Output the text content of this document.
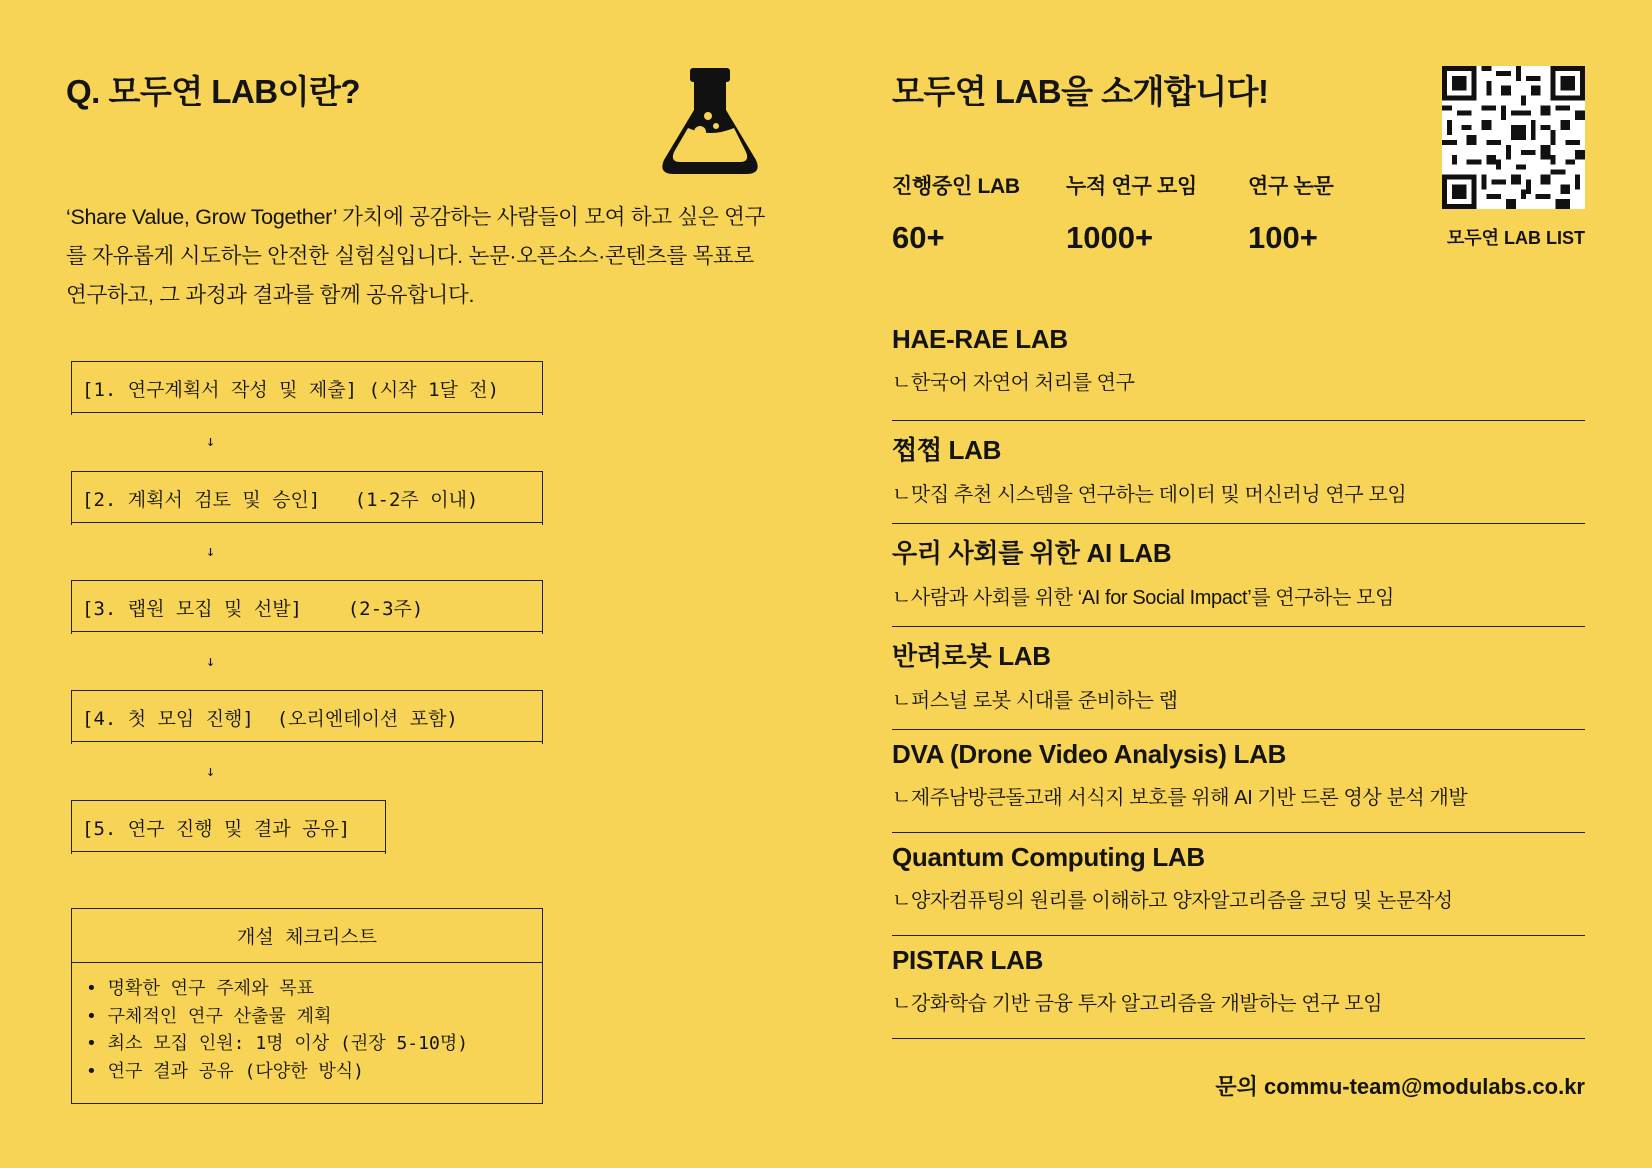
Q. 모두연 LAB이란?

‘Share Value, Grow Together’ 가치에 공감하는 사람들이 모여 하고 싶은 연구를 자유롭게 시도하는 안전한 실험실입니다. 논문·오픈소스·콘텐츠를 목표로 연구하고, 그 과정과 결과를 함께 공유합니다.

[1. 연구계획서 작성 및 제출] (시작 1달 전)
↓
[2. 계획서 검토 및 승인]   (1-2주 이내)
↓
[3. 랩원 모집 및 선발]    (2-3주)
↓
[4. 첫 모임 진행]  (오리엔테이션 포함)
↓
[5. 연구 진행 및 결과 공유]
개설 체크리스트
• 명확한 연구 주제와 목표
• 구체적인 연구 산출물 계획
• 최소 모집 인원: 1명 이상 (권장 5-10명)
• 연구 결과 공유 (다양한 방식)
모두연 LAB을 소개합니다!
모두연 LAB LIST
진행중인 LAB
60+
누적 연구 모임
1000+
연구 논문
100+
HAE-RAE LAB
ㄴ한국어 자연어 처리를 연구
쩝쩝 LAB
ㄴ맛집 추천 시스템을 연구하는 데이터 및 머신러닝 연구 모임
우리 사회를 위한 AI LAB
ㄴ사람과 사회를 위한 ‘AI for Social Impact’를 연구하는 모임
반려로봇 LAB
ㄴ퍼스널 로봇 시대를 준비하는 랩
DVA (Drone Video Analysis) LAB
ㄴ제주남방큰돌고래 서식지 보호를 위해 AI 기반 드론 영상 분석 개발
Quantum Computing LAB
ㄴ양자컴퓨팅의 원리를 이해하고 양자알고리즘을 코딩 및 논문작성
PISTAR LAB
ㄴ강화학습 기반 금융 투자 알고리즘을 개발하는 연구 모임
문의 commu-team@modulabs.co.kr
